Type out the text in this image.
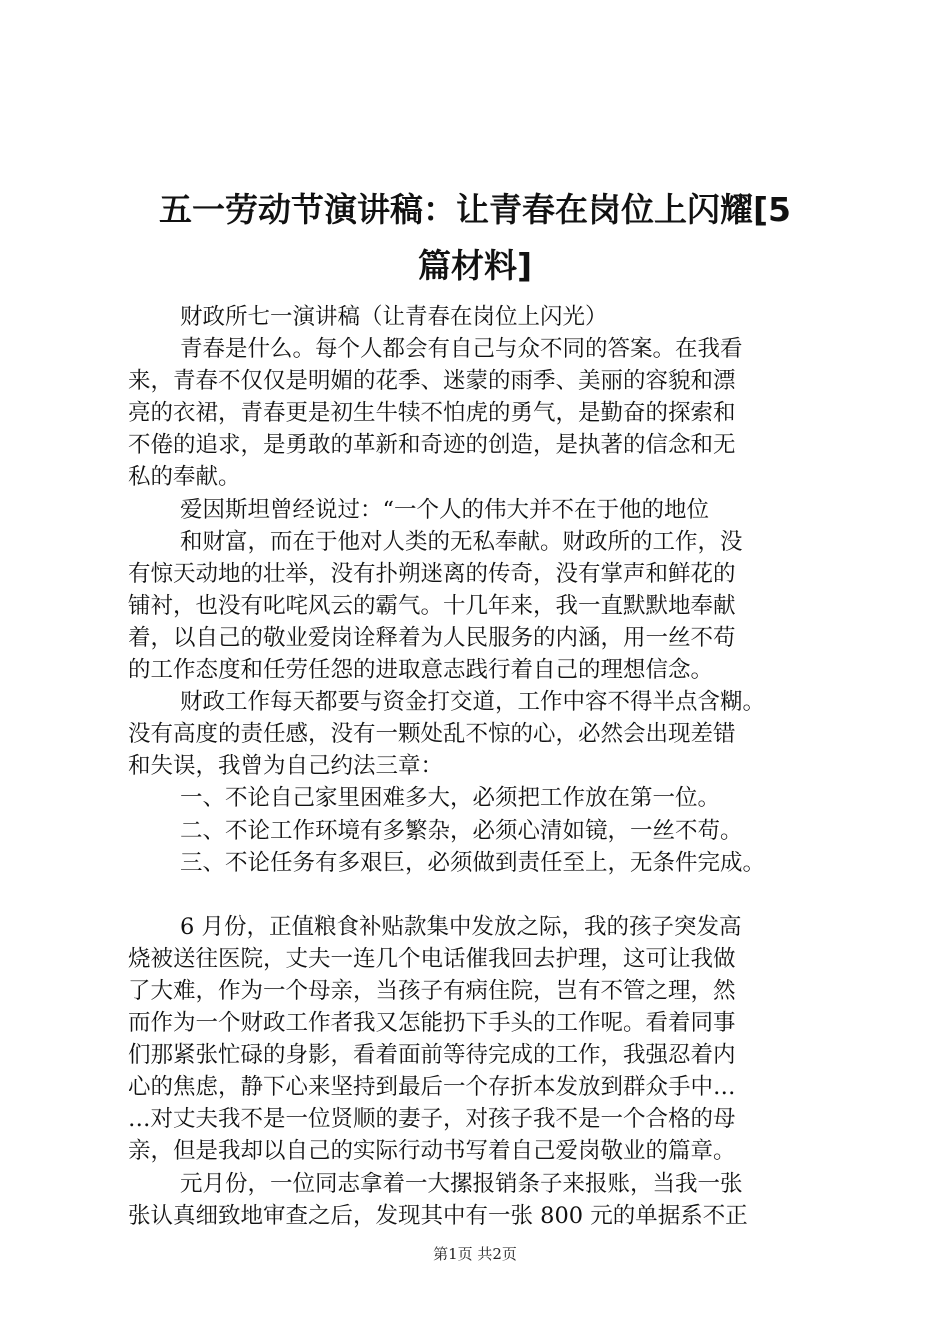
五一劳动节演讲稿：让青春在岗位上闪耀[5
篇材料]
财政所七一演讲稿（让青春在岗位上闪光）
青春是什么。每个人都会有自己与众不同的答案。在我看
来，青春不仅仅是明媚的花季、迷蒙的雨季、美丽的容貌和漂
亮的衣裙，青春更是初生牛犊不怕虎的勇气，是勤奋的探索和
不倦的追求，是勇敢的革新和奇迹的创造，是执著的信念和无
私的奉献。
爱因斯坦曾经说过：“一个人的伟大并不在于他的地位
和财富，而在于他对人类的无私奉献。财政所的工作，没
有惊天动地的壮举，没有扑朔迷离的传奇，没有掌声和鲜花的
铺衬，也没有叱咤风云的霸气。十几年来，我一直默默地奉献
着，以自己的敬业爱岗诠释着为人民服务的内涵，用一丝不苟
的工作态度和任劳任怨的进取意志践行着自己的理想信念。
财政工作每天都要与资金打交道，工作中容不得半点含糊。
没有高度的责任感，没有一颗处乱不惊的心，必然会出现差错
和失误，我曾为自己约法三章：
一、不论自己家里困难多大，必须把工作放在第一位。
二、不论工作环境有多繁杂，必须心清如镜，一丝不苟。
三、不论任务有多艰巨，必须做到责任至上，无条件完成。
6 月份，正值粮食补贴款集中发放之际，我的孩子突发高
烧被送往医院，丈夫一连几个电话催我回去护理，这可让我做
了大难，作为一个母亲，当孩子有病住院，岂有不管之理，然
而作为一个财政工作者我又怎能扔下手头的工作呢。看着同事
们那紧张忙碌的身影，看着面前等待完成的工作，我强忍着内
心的焦虑，静下心来坚持到最后一个存折本发放到群众手中…
…对丈夫我不是一位贤顺的妻子，对孩子我不是一个合格的母
亲，但是我却以自己的实际行动书写着自己爱岗敬业的篇章。
元月份，一位同志拿着一大摞报销条子来报账，当我一张
张认真细致地审查之后，发现其中有一张 800 元的单据系不正
第1页 共2页
